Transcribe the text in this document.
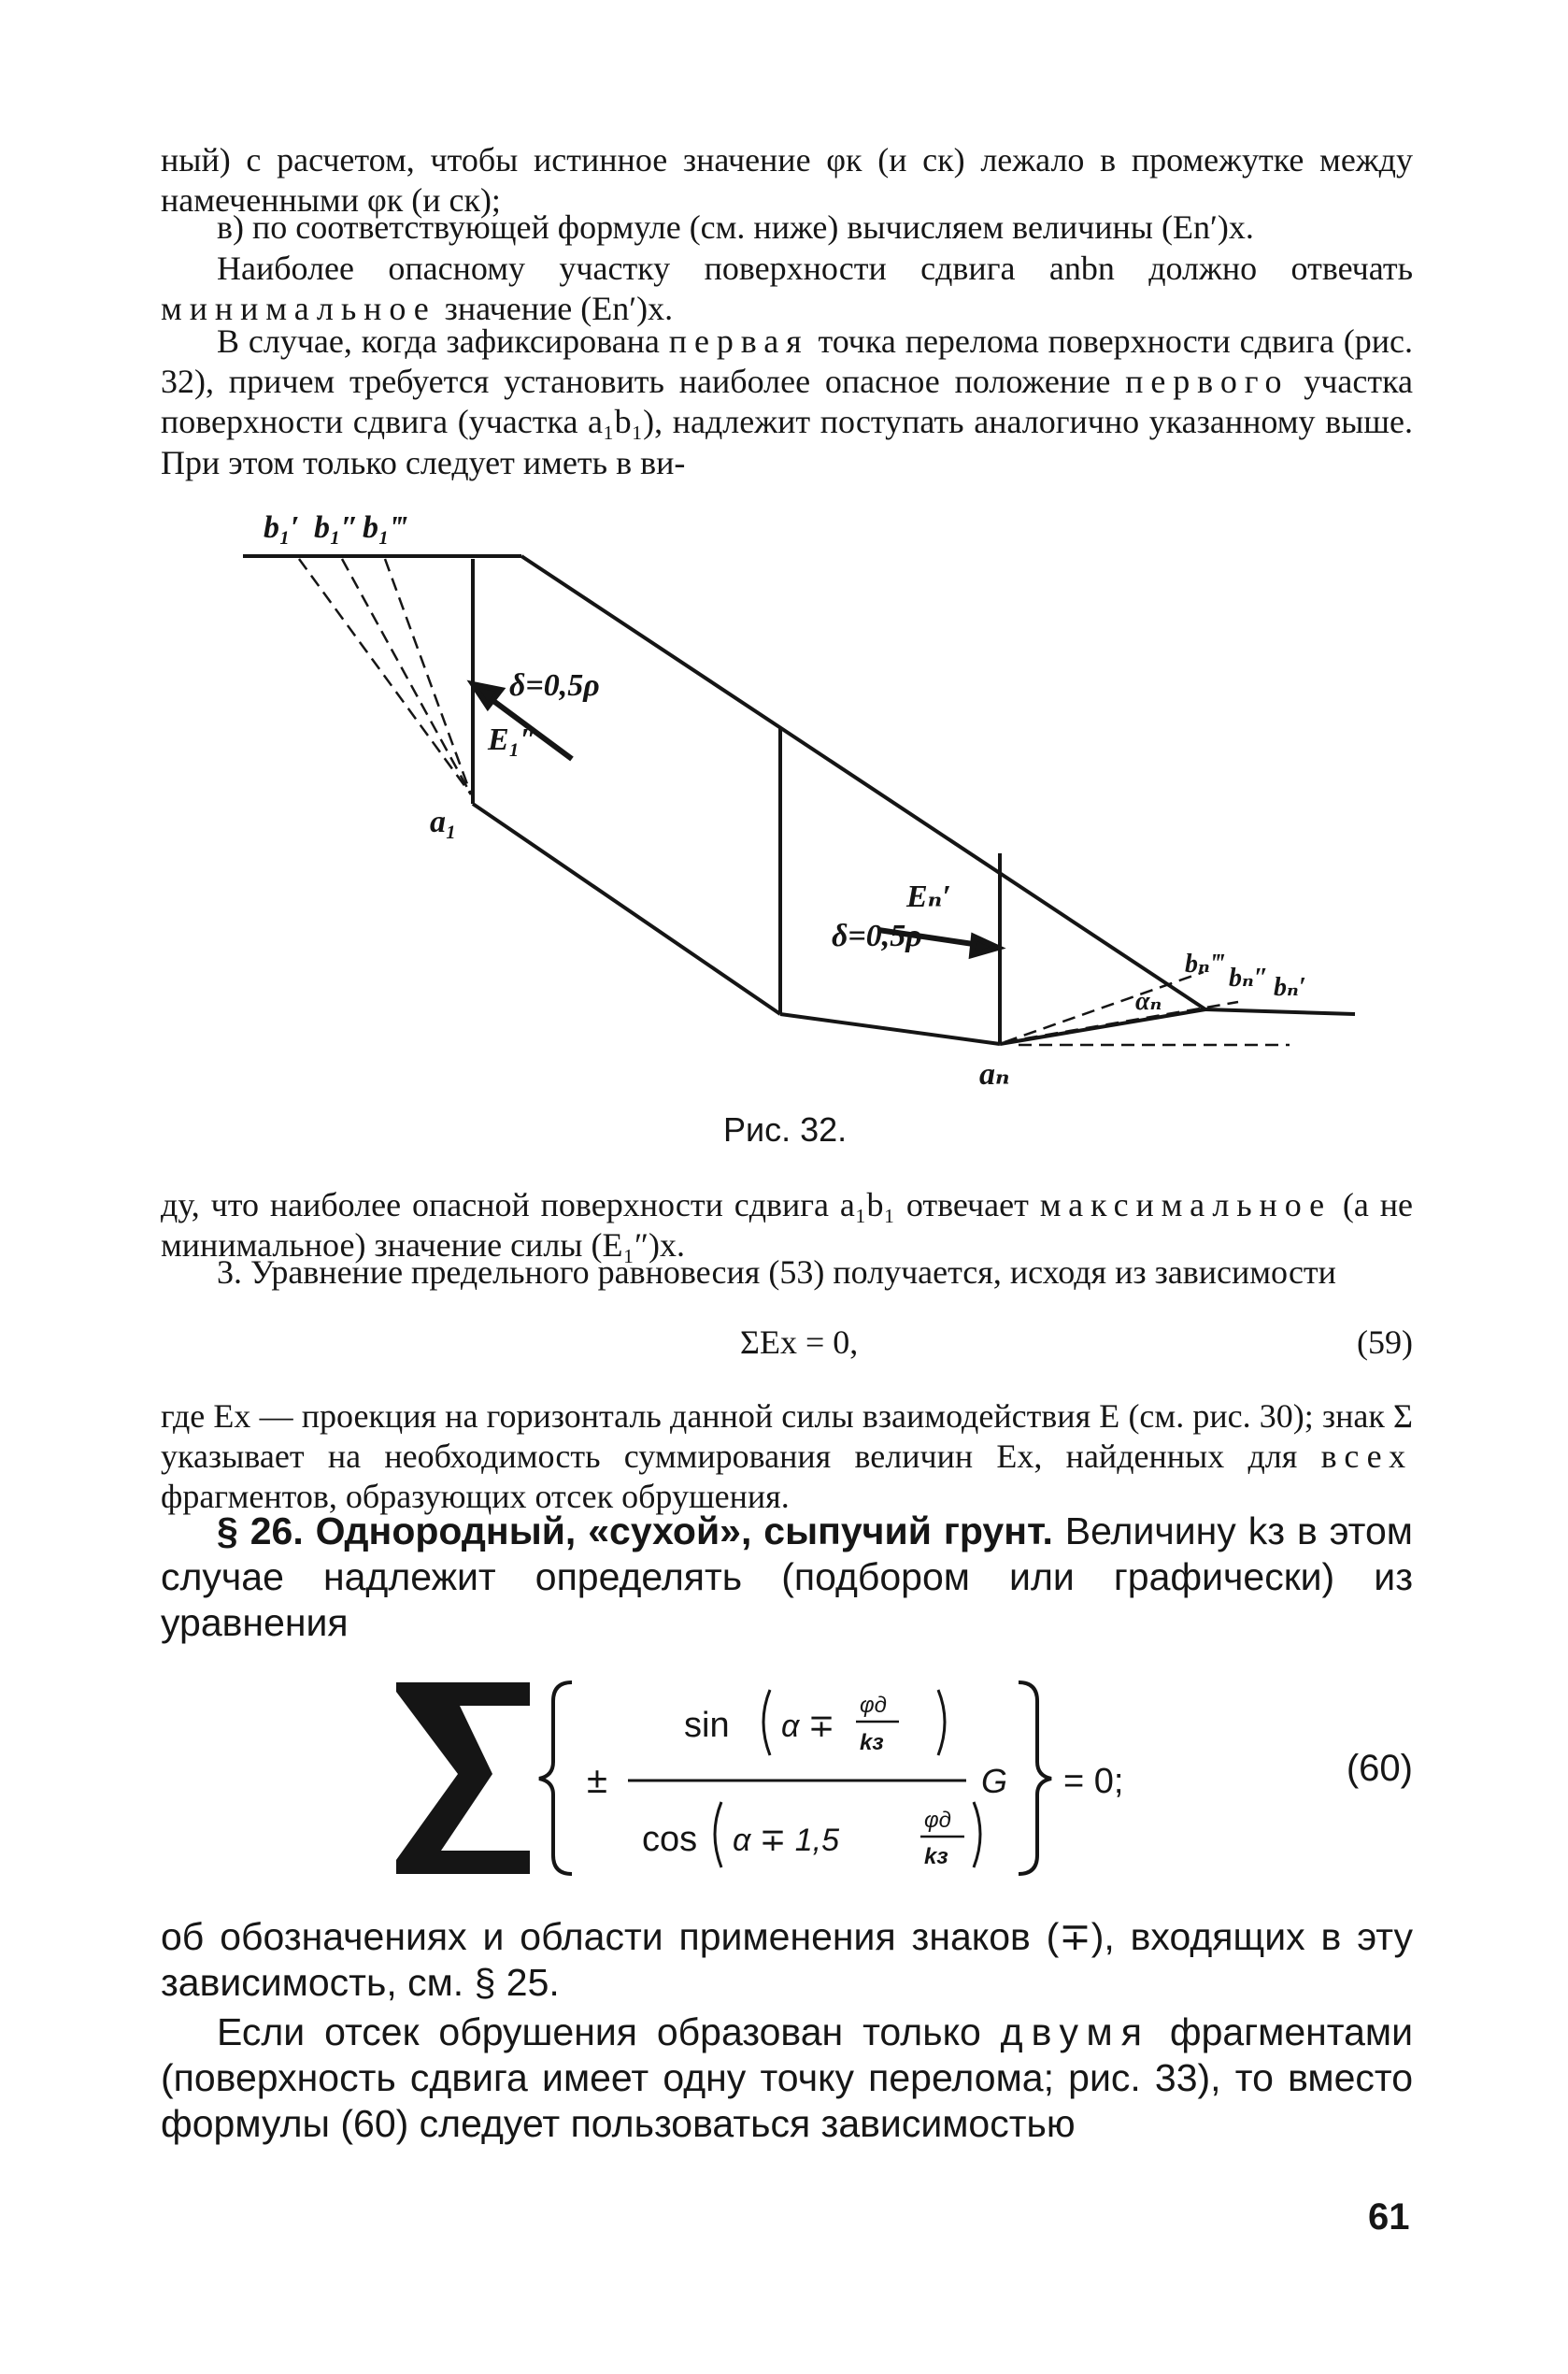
ный) с расчетом, чтобы истинное значение φк (и ск) лежало в промежутке между намеченными φк (и ск);
в) по соответствующей формуле (см. ниже) вычисляем величины (Еn′)x.
Наиболее опасному участку поверхности сдвига anbn должно отвечать минимальное значение (Еn′)x.
В случае, когда зафиксирована первая точка перелома поверхности сдвига (рис. 32), причем требуется установить наиболее опасное положение первого участка поверхности сдвига (участка a₁b₁), надлежит поступать аналогично указанному выше. При этом только следует иметь в ви-
b₁′ b₁″ b₁‴
a₁
δ=0,5ρ
E₁″
Eₙ′
δ=0,5ρ
bₙ‴ bₙ″ bₙ′
aₙ
αₙ
Рис. 32.
ду, что наиболее опасной поверхности сдвига a₁b₁ отвечает максимальное (а не минимальное) значение силы (E₁″)x.
3. Уравнение предельного равновесия (53) получается, исходя из зависимости
ΣEx = 0,	(59)
где Ex — проекция на горизонталь данной силы взаимодействия E (см. рис. 30); знак Σ указывает на необходимость суммирования величин Ex, найденных для всех фрагментов, образующих отсек обрушения.
§ 26. Однородный, «сухой», сыпучий грунт. Величину kз в этом случае надлежит определять (подбором или графически) из уравнения
±
sin α ∓
φд
kз
cos α ∓ 1,5
φд
kз
G = 0;	(60)
об обозначениях и области применения знаков (∓), входящих в эту зависимость, см. § 25.
Если отсек обрушения образован только двумя фрагментами (поверхность сдвига имеет одну точку перелома; рис. 33), то вместо формулы (60) следует пользоваться зависимостью
61
